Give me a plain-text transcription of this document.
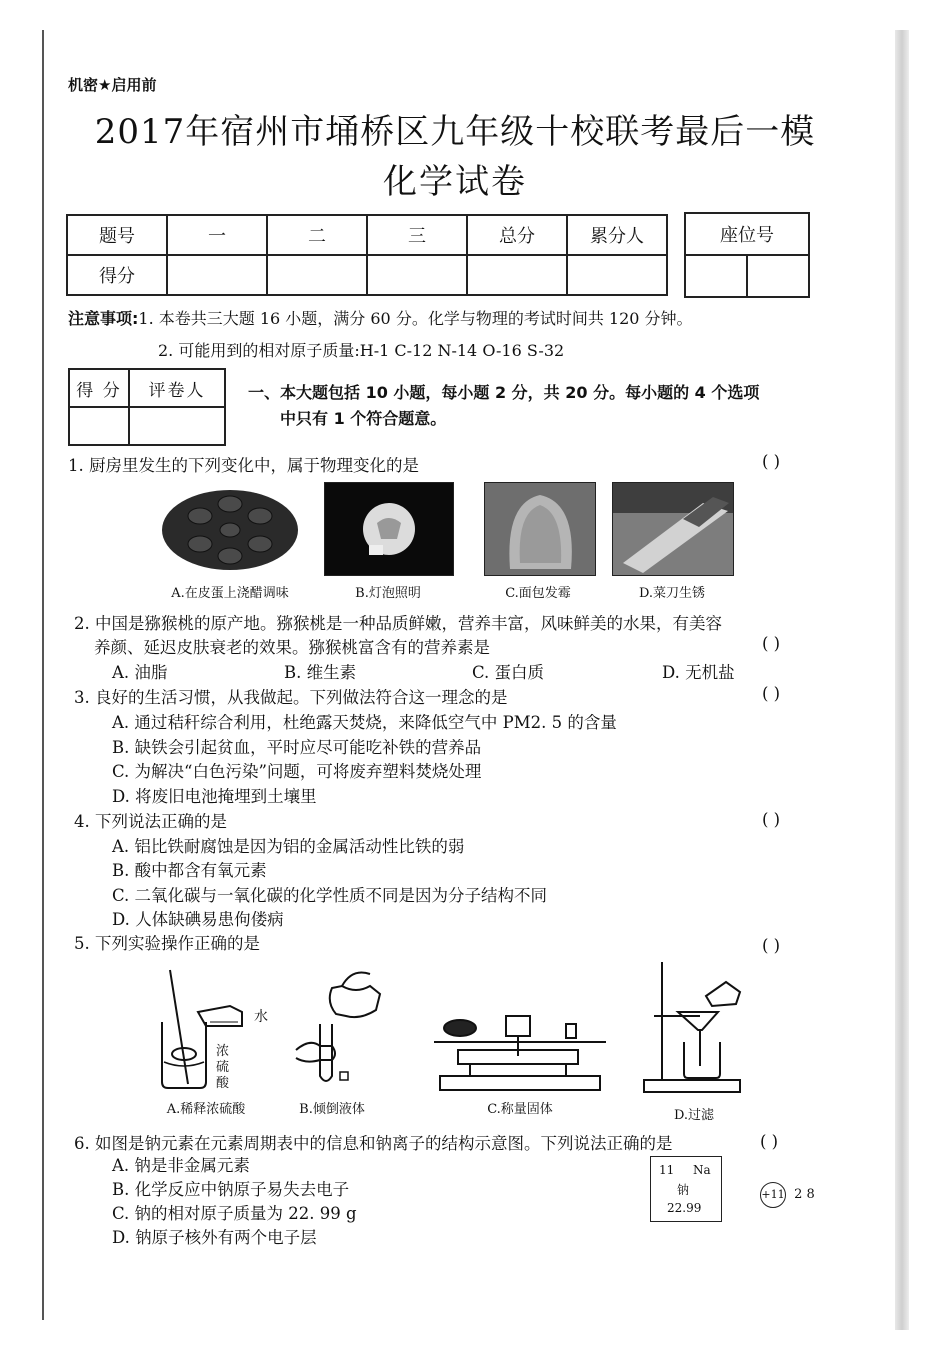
机密★启用前
2017年宿州市埇桥区九年级十校联考最后一模
化学试卷
题号	一	二	三	总分	累分人
得分					
座位号

注意事项:1. 本卷共三大题 16 小题，满分 60 分。化学与物理的考试时间共 120 分钟。
2. 可能用到的相对原子质量:H-1 C-12 N-14 O-16 S-32
得 分	评卷人
		一、本大题包括 10 小题，每小题 2 分，共 20 分。每小题的 4 个选项
中只有 1 个符合题意。
1. 厨房里发生的下列变化中，属于物理变化的是	( )
A.在皮蛋上浇醋调味	B.灯泡照明	C.面包发霉	D.菜刀生锈
2. 中国是猕猴桃的原产地。猕猴桃是一种品质鲜嫩，营养丰富，风味鲜美的水果，有美容
养颜、延迟皮肤衰老的效果。猕猴桃富含有的营养素是	( )
A. 油脂	B. 维生素	C. 蛋白质	D. 无机盐
3. 良好的生活习惯，从我做起。下列做法符合这一理念的是	( )
A. 通过秸秆综合利用，杜绝露天焚烧，来降低空气中 PM2. 5 的含量
B. 缺铁会引起贫血，平时应尽可能吃补铁的营养品
C. 为解决“白色污染”问题，可将废弃塑料焚烧处理
D. 将废旧电池掩埋到土壤里
4. 下列说法正确的是	( )
A. 铝比铁耐腐蚀是因为铝的金属活动性比铁的弱
B. 酸中都含有氧元素
C. 二氧化碳与一氧化碳的化学性质不同是因为分子结构不同
D. 人体缺碘易患佝偻病
5. 下列实验操作正确的是	( )
水
浓
硫
酸
A.稀释浓硫酸	B.倾倒液体	C.称量固体	D.过滤
6. 如图是钠元素在元素周期表中的信息和钠离子的结构示意图。下列说法正确的是	( )
A. 钠是非金属元素
B. 化学反应中钠原子易失去电子
C. 钠的相对原子质量为 22. 99 g
D. 钠原子核外有两个电子层
11 Na
钠
22.99
+11 2 8
